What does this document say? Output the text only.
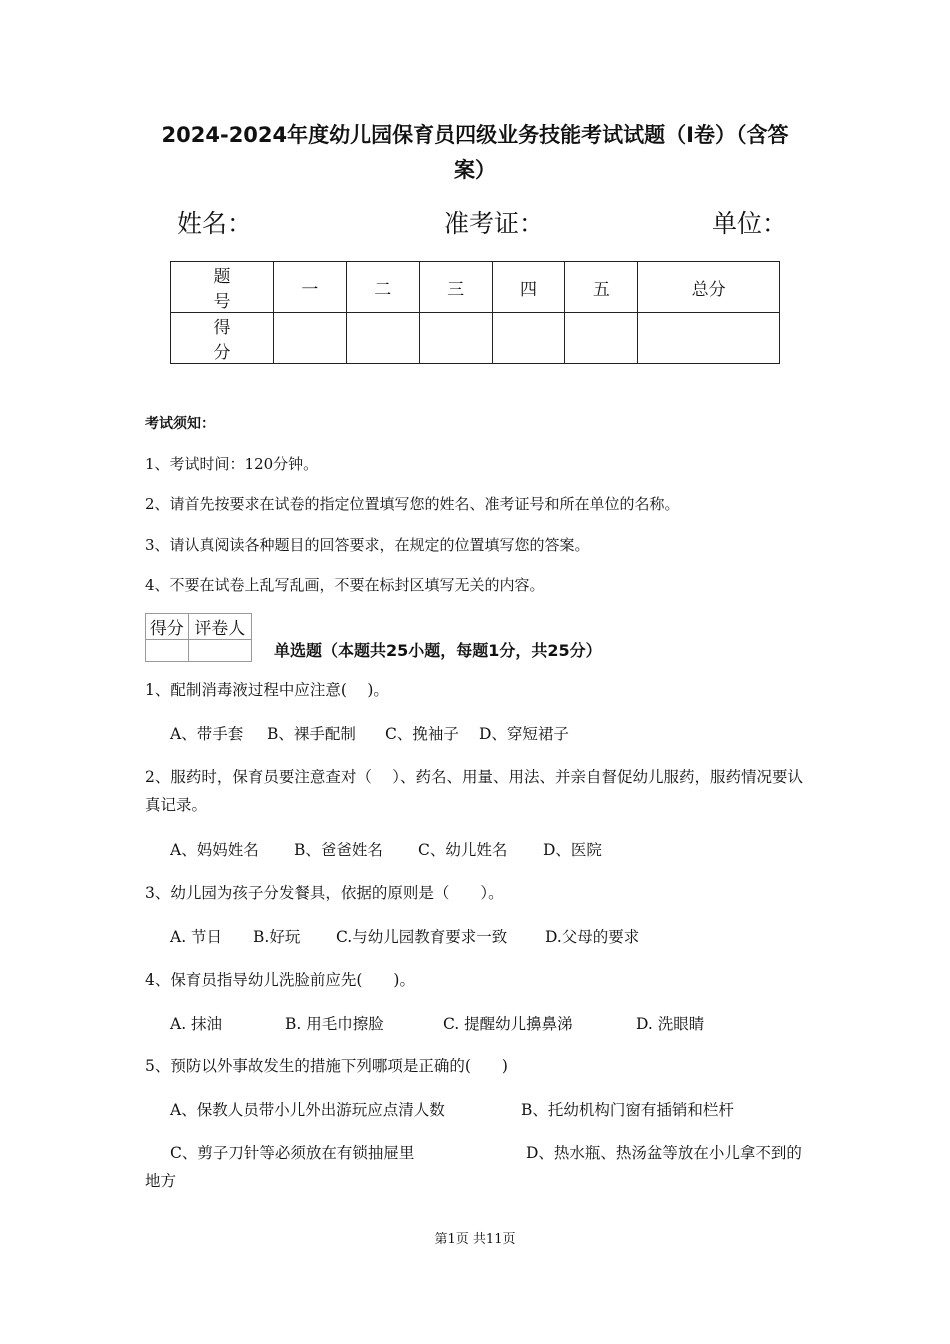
2024-2024年度幼儿园保育员四级业务技能考试试题（I卷）（含答
案）
姓名：	准考证：	单位：
题 号	一	二	三	四	五	总分
得 分						
考试须知：
1、考试时间：120分钟。
2、请首先按要求在试卷的指定位置填写您的姓名、准考证号和所在单位的名称。
3、请认真阅读各种题目的回答要求，在规定的位置填写您的答案。
4、不要在试卷上乱写乱画，不要在标封区填写无关的内容。
得分	评卷人

单选题（本题共25小题，每题1分，共25分）
1、配制消毒液过程中应注意(　 )。
A、带手套 B、裸手配制 C、挽袖子 D、穿短裙子
2、服药时，保育员要注意查对（　 ）、药名、用量、用法、并亲自督促幼儿服药，服药情况要认真记录。
A、妈妈姓名 B、爸爸姓名 C、幼儿姓名 D、医院
3、幼儿园为孩子分发餐具，依据的原则是（　　）。
A. 节日 B.好玩 C.与幼儿园教育要求一致 D.父母的要求
4、保育员指导幼儿洗脸前应先(　　)。
A. 抹油	B. 用毛巾擦脸	C. 提醒幼儿擤鼻涕	D. 洗眼睛
5、预防以外事故发生的措施下列哪项是正确的(　　)
A、保教人员带小儿外出游玩应点清人数	B、托幼机构门窗有插销和栏杆
C、剪子刀针等必须放在有锁抽屉里	D、热水瓶、热汤盆等放在小儿拿不到的地方
第1页 共11页
